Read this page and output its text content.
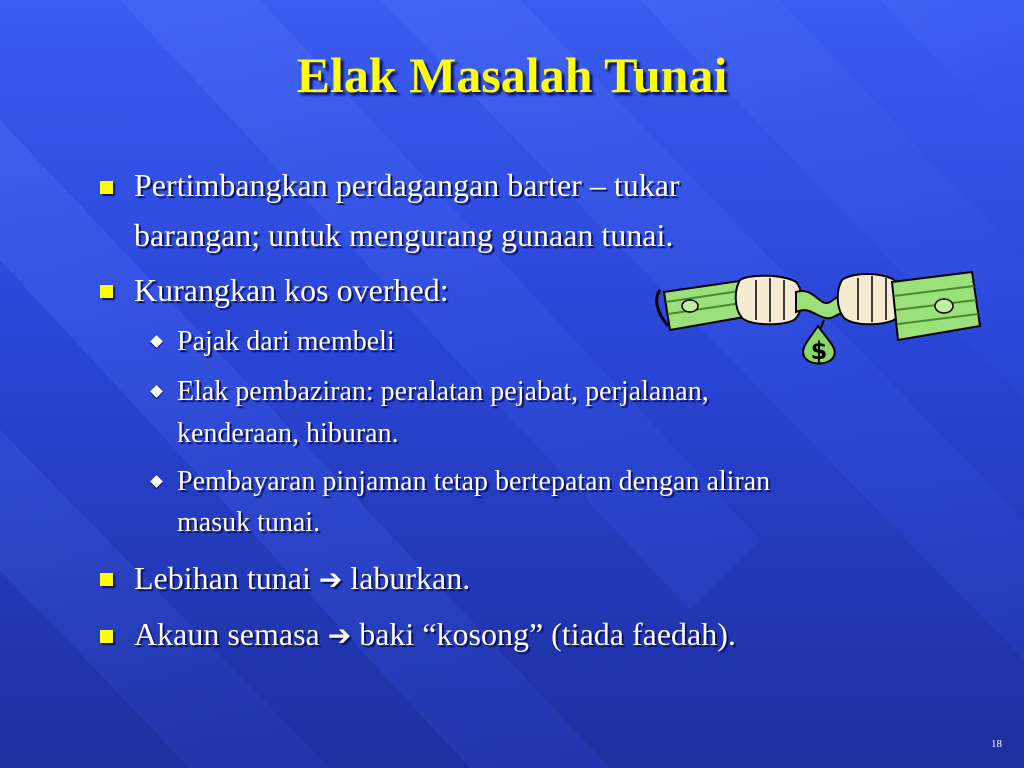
Elak Masalah Tunai
Pertimbangkan perdagangan barter – tukar
barangan; untuk mengurang gunaan tunai.
Kurangkan kos overhed:
Pajak dari membeli
Elak pembaziran: peralatan pejabat, perjalanan,
kenderaan, hiburan.
Pembayaran pinjaman tetap bertepatan dengan aliran
masuk tunai.
Lebihan tunai ➔ laburkan.
Akaun semasa ➔ baki “kosong” (tiada faedah).
$
18
